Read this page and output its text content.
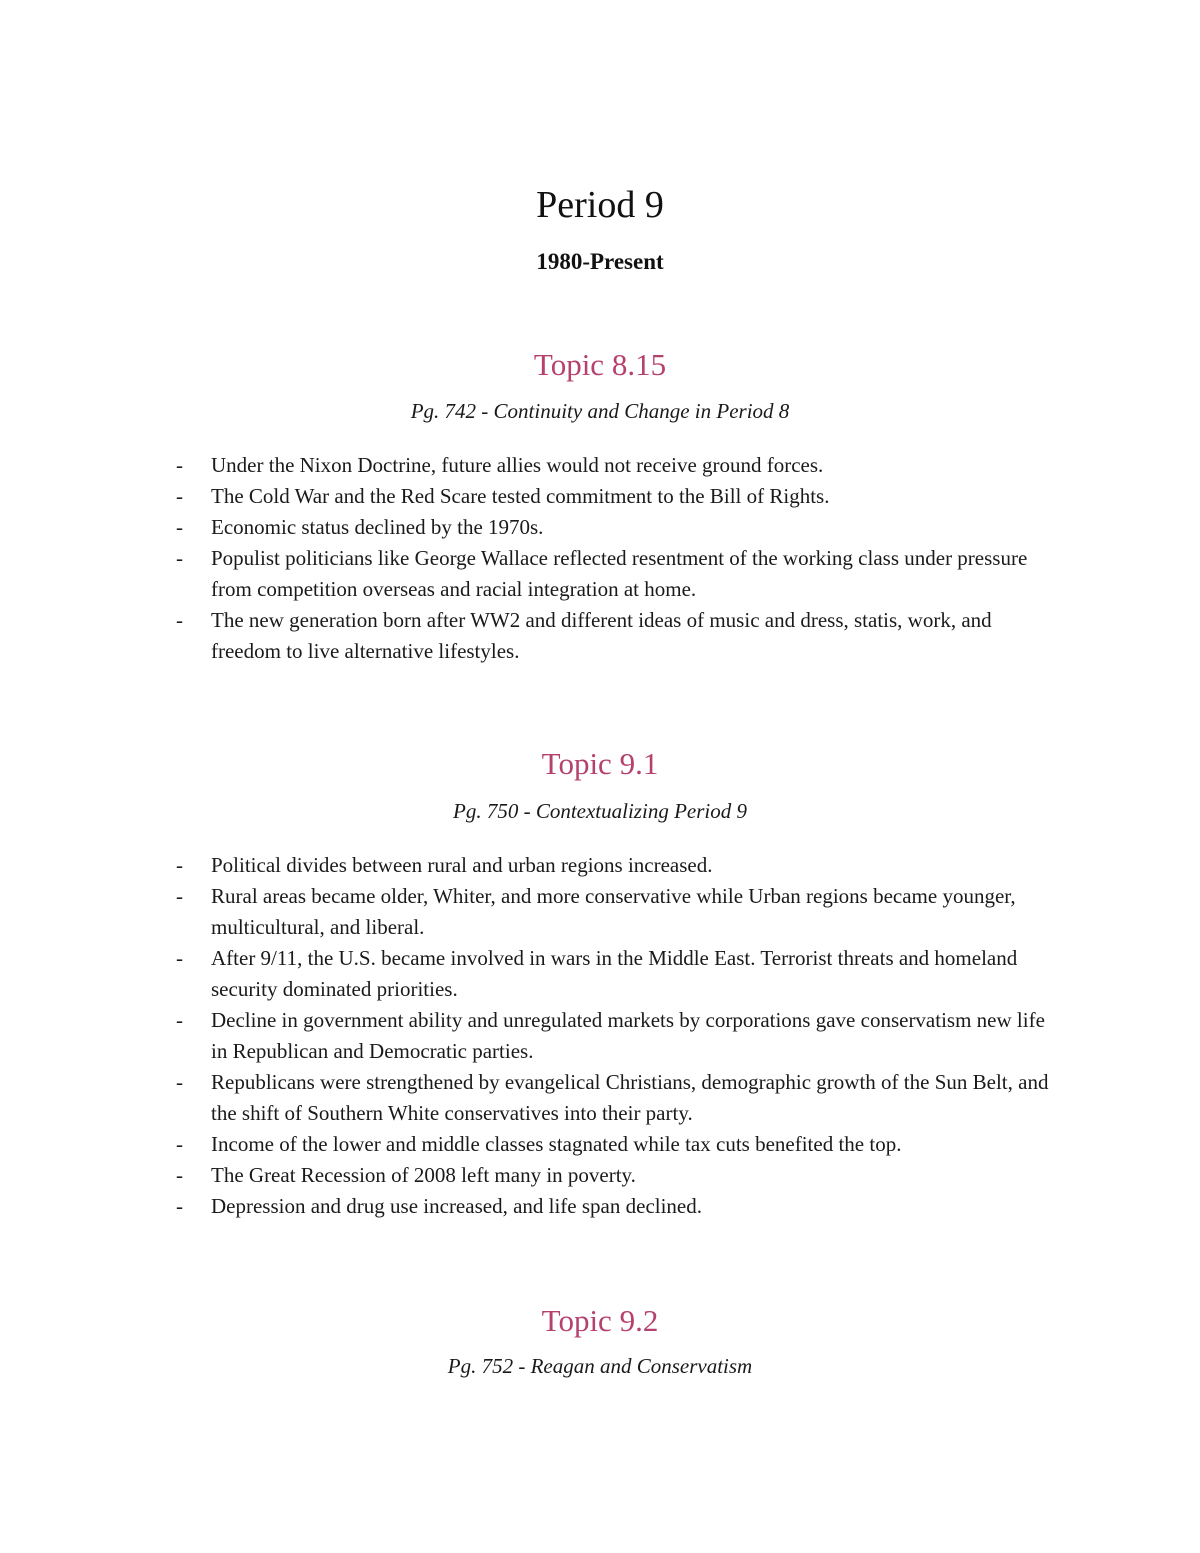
Period 9
1980-Present
Topic 8.15

Pg. 742 - Continuity and Change in Period 8

- Under the Nixon Doctrine, future allies would not receive ground forces.
- The Cold War and the Red Scare tested commitment to the Bill of Rights.
- Economic status declined by the 1970s.
- Populist politicians like George Wallace reflected resentment of the working class under pressure from competition overseas and racial integration at home.
- The new generation born after WW2 and different ideas of music and dress, statis, work, and freedom to live alternative lifestyles.
Topic 9.1

Pg. 750 - Contextualizing Period 9

- Political divides between rural and urban regions increased.
- Rural areas became older, Whiter, and more conservative while Urban regions became younger, multicultural, and liberal.
- After 9/11, the U.S. became involved in wars in the Middle East. Terrorist threats and homeland security dominated priorities.
- Decline in government ability and unregulated markets by corporations gave conservatism new life in Republican and Democratic parties.
- Republicans were strengthened by evangelical Christians, demographic growth of the Sun Belt, and the shift of Southern White conservatives into their party.
- Income of the lower and middle classes stagnated while tax cuts benefited the top.
- The Great Recession of 2008 left many in poverty.
- Depression and drug use increased, and life span declined.
Topic 9.2

Pg. 752 - Reagan and Conservatism
